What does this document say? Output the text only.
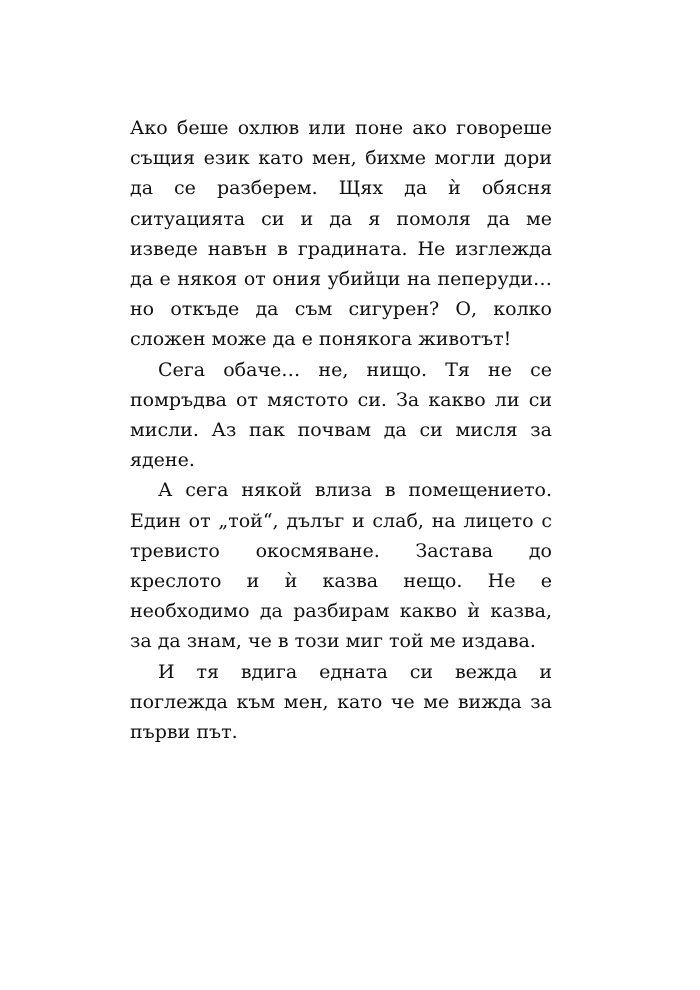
Ако беше охлюв или поне ако говореше същия език като мен, бихме могли дори да се разберем. Щях да ѝ обясня ситуацията си и да я помоля да ме изведе навън в градината. Не изглежда да е някоя от ония убийци на пеперуди… но откъде да съм сигурен? О, колко сложен може да е понякога животът!

Сега обаче… не, нищо. Тя не се помръдва от мястото си. За какво ли си мисли. Аз пак почвам да си мисля за ядене.

А сега някой влиза в помещението. Един от „той“, дълъг и слаб, на лицето с тревисто окосмяване. Застава до креслото и ѝ казва нещо. Не е необходимо да разбирам какво ѝ казва, за да знам, че в този миг той ме издава.

И тя вдига едната си вежда и поглежда към мен, като че ме вижда за първи път.
